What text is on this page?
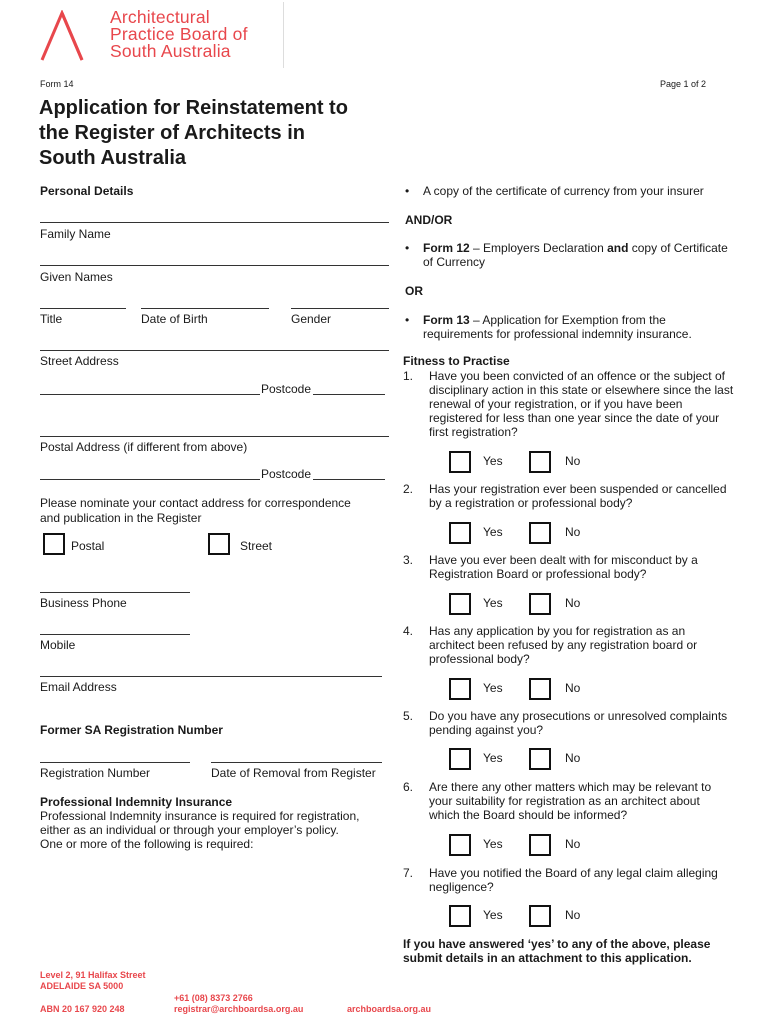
Architectural
Practice Board of
South Australia
Form 14	Page 1 of 2
Application for Reinstatement to
the Register of Architects in
South Australia
Personal Details
Family Name
Given Names
Title	Date of Birth	Gender
Street Address
Postcode
Postal Address (if different from above)
Postcode
Please nominate your contact address for correspondence
and publication in the Register
Postal	Street
Business Phone
Mobile
Email Address
Former SA Registration Number
Registration Number	Date of Removal from Register
Professional Indemnity Insurance
Professional Indemnity insurance is required for registration,
either as an individual or through your employer’s policy.
One or more of the following is required:
• A copy of the certificate of currency from your insurer
AND/OR
• Form 12 – Employers Declaration and copy of Certificate
of Currency
OR
• Form 13 – Application for Exemption from the
requirements for professional indemnity insurance.
Fitness to Practise
1. Have you been convicted of an offence or the subject of
disciplinary action in this state or elsewhere since the last
renewal of your registration, or if you have been
registered for less than one year since the date of your
first registration?
Yes	No
2. Has your registration ever been suspended or cancelled
by a registration or professional body?
Yes	No
3. Have you ever been dealt with for misconduct by a
Registration Board or professional body?
Yes	No
4. Has any application by you for registration as an
architect been refused by any registration board or
professional body?
Yes	No
5. Do you have any prosecutions or unresolved complaints
pending against you?
Yes	No
6. Are there any other matters which may be relevant to
your suitability for registration as an architect about
which the Board should be informed?
Yes	No
7. Have you notified the Board of any legal claim alleging
negligence?
Yes	No
If you have answered ‘yes’ to any of the above, please
submit details in an attachment to this application.
Level 2, 91 Halifax Street
ADELAIDE SA 5000
ABN 20 167 920 248
+61 (08) 8373 2766
registrar@archboardsa.org.au	archboardsa.org.au
